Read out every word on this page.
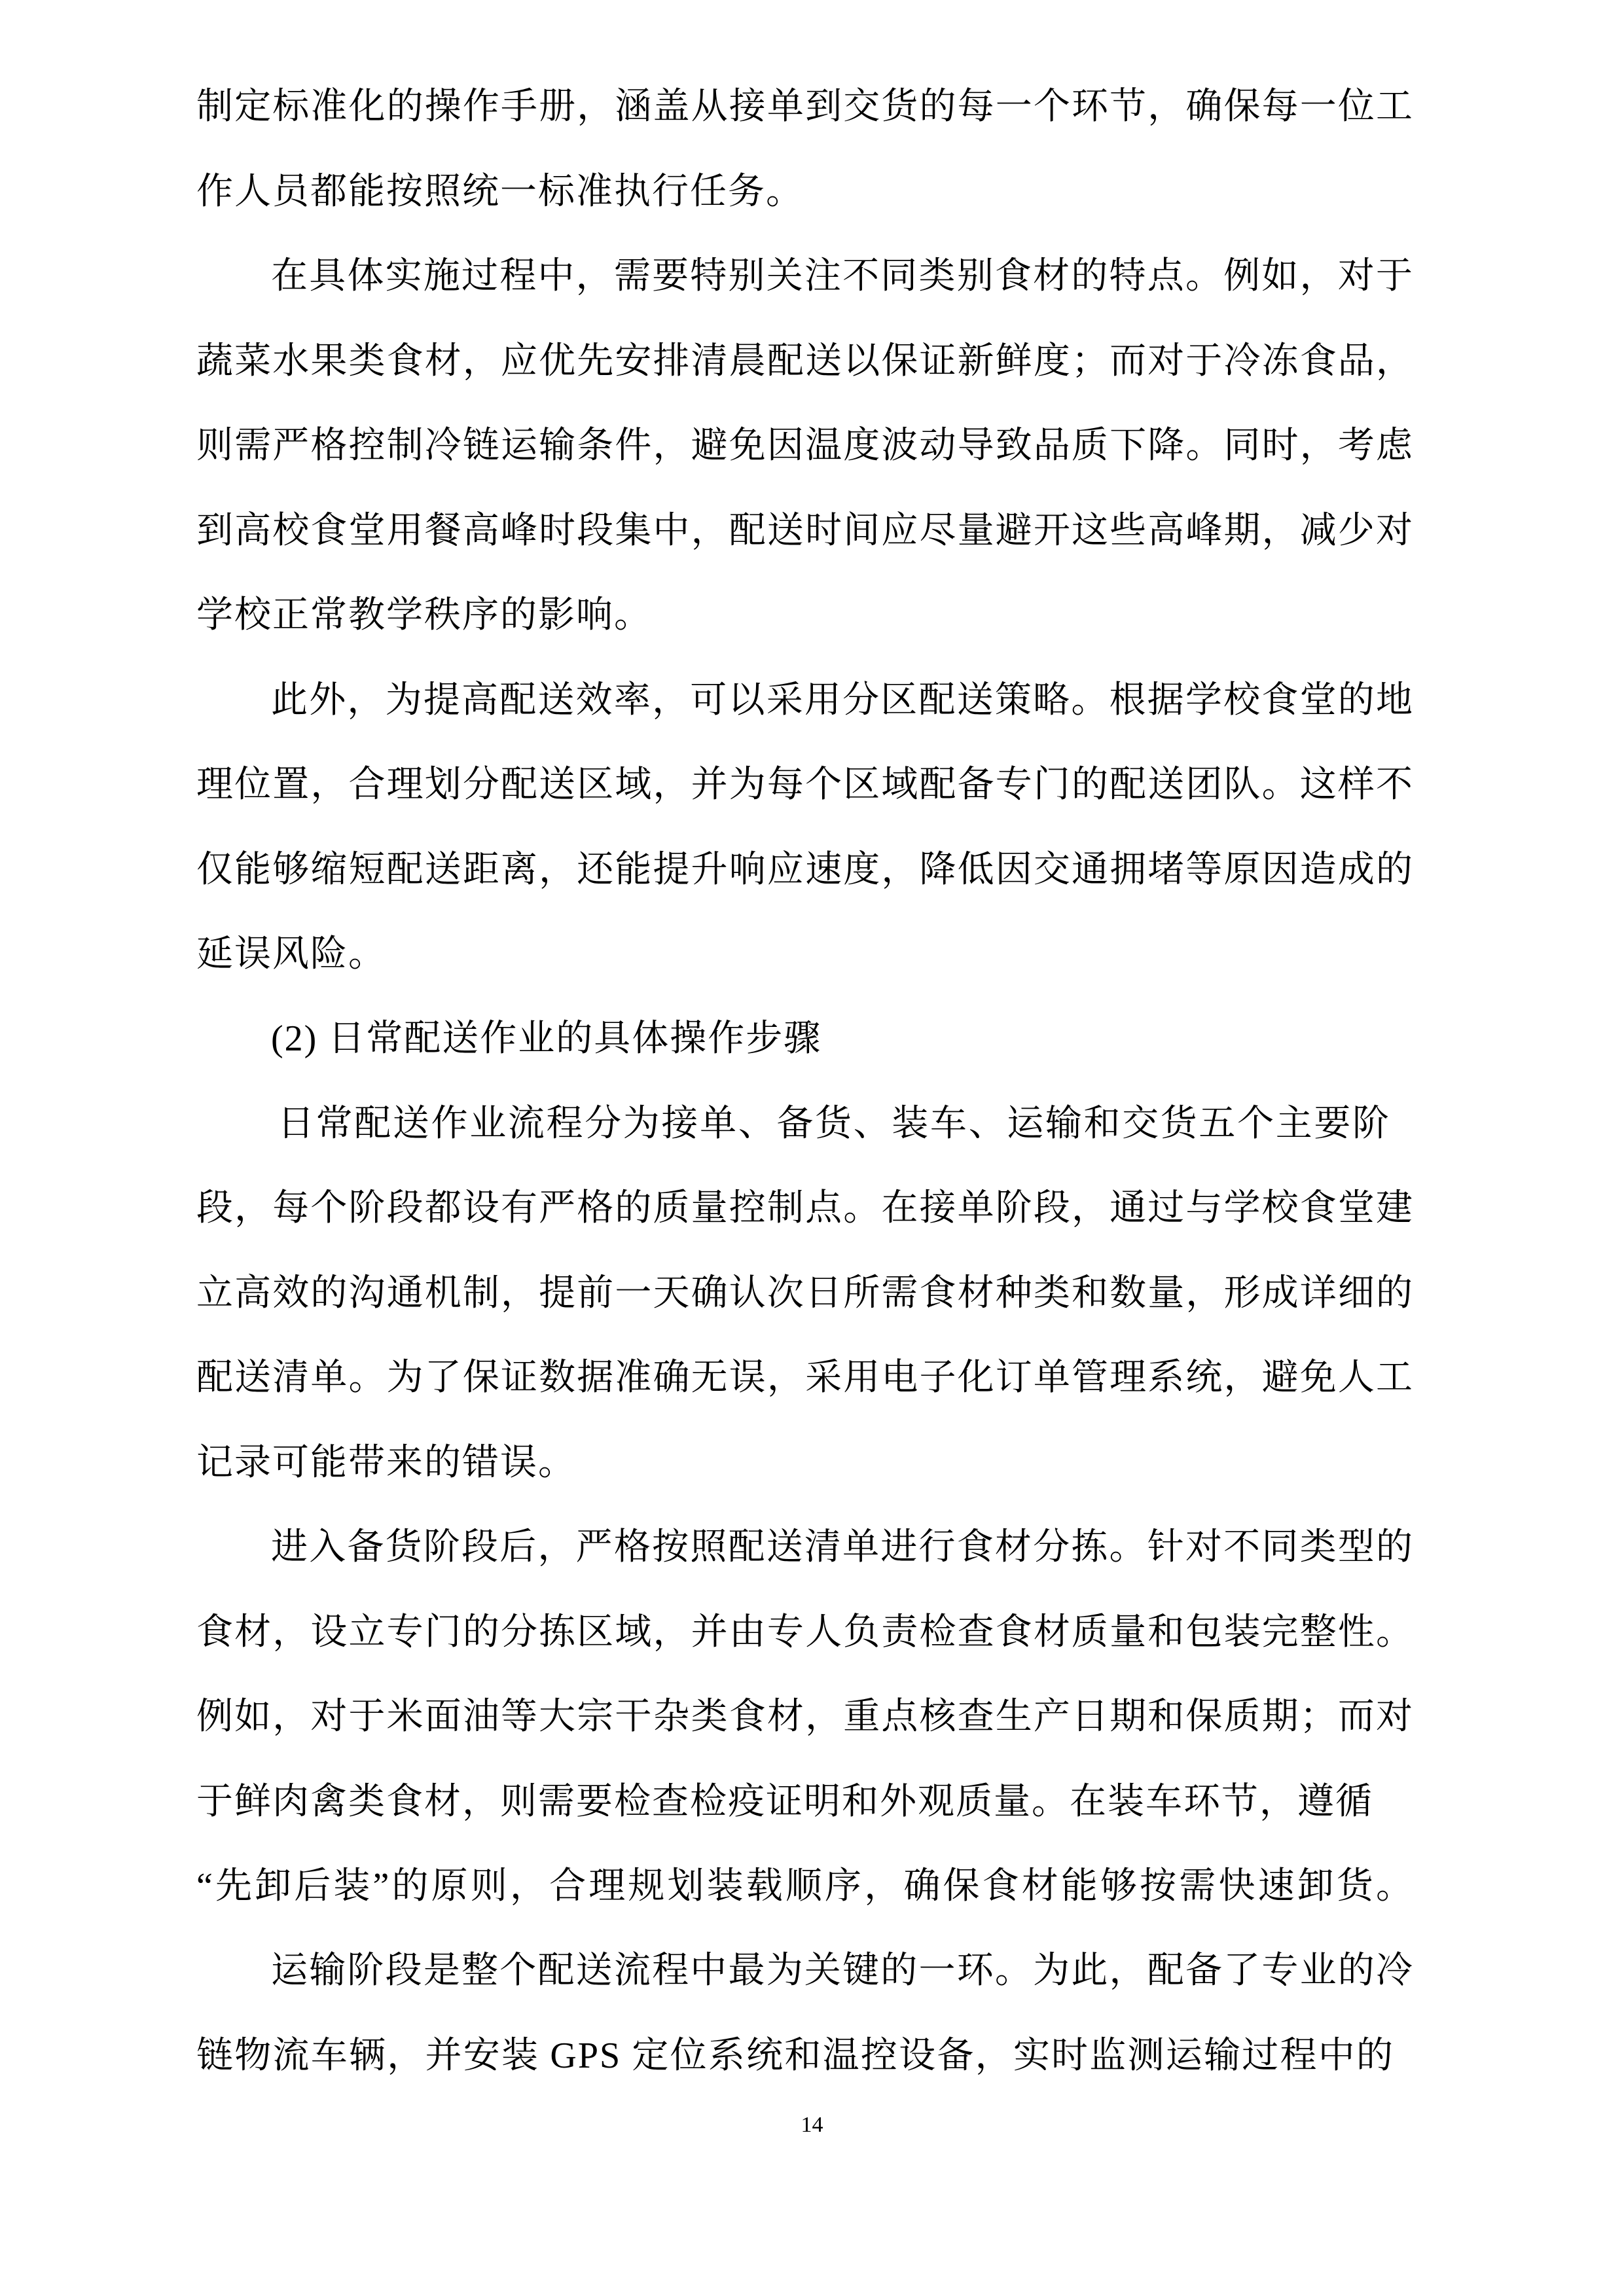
制定标准化的操作手册，涵盖从接单到交货的每一个环节，确保每一位工
作人员都能按照统一标准执行任务。
在具体实施过程中，需要特别关注不同类别食材的特点。例如，对于
蔬菜水果类食材，应优先安排清晨配送以保证新鲜度；而对于冷冻食品，
则需严格控制冷链运输条件，避免因温度波动导致品质下降。同时，考虑
到高校食堂用餐高峰时段集中，配送时间应尽量避开这些高峰期，减少对
学校正常教学秩序的影响。
此外，为提高配送效率，可以采用分区配送策略。根据学校食堂的地
理位置，合理划分配送区域，并为每个区域配备专门的配送团队。这样不
仅能够缩短配送距离，还能提升响应速度，降低因交通拥堵等原因造成的
延误风险。
(2) 日常配送作业的具体操作步骤
日常配送作业流程分为接单、备货、装车、运输和交货五个主要阶
段，每个阶段都设有严格的质量控制点。在接单阶段，通过与学校食堂建
立高效的沟通机制，提前一天确认次日所需食材种类和数量，形成详细的
配送清单。为了保证数据准确无误，采用电子化订单管理系统，避免人工
记录可能带来的错误。
进入备货阶段后，严格按照配送清单进行食材分拣。针对不同类型的
食材，设立专门的分拣区域，并由专人负责检查食材质量和包装完整性。
例如，对于米面油等大宗干杂类食材，重点核查生产日期和保质期；而对
于鲜肉禽类食材，则需要检查检疫证明和外观质量。在装车环节，遵循
“先卸后装”的原则，合理规划装载顺序，确保食材能够按需快速卸货。
运输阶段是整个配送流程中最为关键的一环。为此，配备了专业的冷
链物流车辆，并安装 GPS 定位系统和温控设备，实时监测运输过程中的
14
